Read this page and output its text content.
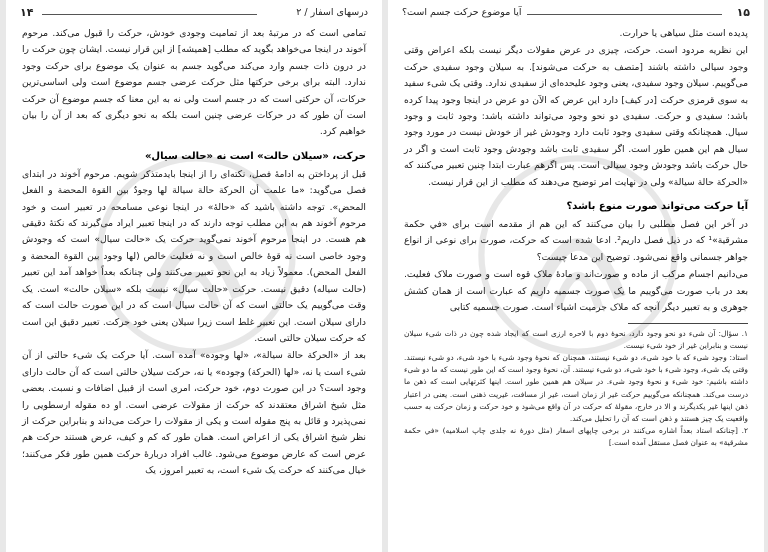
۱۴	درسهای اسفار / ۲

تمامی است که در مرتبهٔ بعد از تمامیت وجودی خودش، حرکت را قبول می‌کند. مرحوم آخوند در اینجا می‌خواهد بگوید که مطلب [همیشه] از این قرار نیست. ایشان چون حرکت را در درون ذات جسم وارد می‌کند می‌گوید جسم به عنوان یک موضوع برای حرکت وجود ندارد. البته برای برخی حرکتها مثل حرکت عرضی جسم موضوع است ولی اساسی‌ترین حرکات، آن حرکتی است که در جسم است ولی نه به این معنا که جسم موضوع آن حرکت است آن طور که در حرکات عرضی چنین است بلکه به نحو دیگری که بعد از آن را بیان خواهیم کرد.

حرکت، «سیلان حالت» است نه «حالت سیال»

قبل از پرداختن به ادامهٔ فصل، نکته‌ای را از اینجا بایدمتذکر شویم. مرحوم آخوند در ابتدای فصل می‌گوید: «ما علمت أن الحركة حالة سيالة لها وجودٌ بين القوة المحضة و الفعل المحض». توجه داشته باشید که «حالهٔ» در اینجا نوعی مسامحه در تعبیر است و خود مرحوم آخوند هم به این مطلب توجه دارند که در اینجا تعبیر ایراد می‌گیرند که نکتهٔ دقیقی هم هست. در اینجا مرحوم آخوند نمی‌گوید حرکت یک «حالت سیال» است که وجودش وجود خاصی است نه قوهٔ خالص است و نه فعلیت خالص (لها وجود بين القوة المحضة و الفعل المحض). معمولاً زیاد به این نحو تعبیر می‌کنند ولی چنانکه بعداً خواهد آمد این تعبیر (حالت سیاله) دقیق نیست. حرکت «حالت سیال» نیست بلکه «سیلان حالت» است. یک وقت می‌گوییم یک حالتی است که آن حالت سیال است که در این صورت حالت است که دارای سیلان است. این تعبیر غلط است زیرا سیلان یعنی خود حرکت. تعبیر دقیق این است که حرکت سیلان حالتی است.

بعد از «الحركة حالة سيالة»، «لها وجوده» آمده است. آیا حرکت یک شیء حالتی از آن شیء است یا نه، «لها (الحركة) وجوده» یا نه، حرکت سیلان حالتی است که آن حالت دارای وجود است؟ در این صورت دوم، خود حرکت، امری است از قبیل اضافات و نسبت. بعضی مثل شیخ اشراق معتقدند که حرکت از مقولات عرضی است. او ده مقوله ارسطویی را نمی‌پذیرد و قائل به پنج مقوله است و یکی از مقولات را حرکت می‌داند و بنابراین حرکت از نظر شیخ اشراق یکی از اعراض است. همان طور که کم و کیف، عرض هستند حرکت هم عرض است که عارض موضوع می‌شود. غالب افراد دربارهٔ حرکت همین طور فکر می‌کنند؛ خیال می‌کنند که حرکت یک شیء است، به تعبیر امروز، یک

آیا موضوع حرکت جسم است؟	۱۵

پدیده است مثل سیاهی یا حرارت.

این نظریه مردود است. حرکت، چیزی در عرض مقولات دیگر نیست بلکه اعراض وقتی وجود سیالی داشته باشند [متصف به حرکت می‌شوند]. به سیلان وجود سفیدی حرکت می‌گوییم. سیلان وجود سفیدی، یعنی وجود علیحده‌ای از سفیدی ندارد. وقتی یک شیء سفید به سوی قرمزی حرکت [در کیف] دارد این عرض که الآن دو عرض در اینجا وجود پیدا کرده باشد: سفیدی و حرکت. سفیدی دو نحو وجود می‌تواند داشته باشد: وجود ثابت و وجود سیال. همچنانکه وقتی سفیدی وجود ثابت دارد وجودش غیر از خودش نیست در مورد وجود سیال هم این همین طور است. اگر سفیدی ثابت باشد وجودش وجود ثابت است و اگر در حال حرکت باشد وجودش وجود سیالی است. پس اگرهم عبارت ابتدا چنین تعبیر می‌کنند که «الحركة حالة سيالة» ولی در نهایت امر توضیح می‌دهند که مطلب از این قرار نیست.

آیا حرکت می‌تواند صورت منوع باشد؟

در آخر این فصل مطلبی را بیان می‌کنند که این هم از مقدمه است برای «في حكمة مشرقية»¹ که در ذیل فصل داریم². ادعا شده است که حرکت، صورت برای نوعی از انواع جواهر جسمانی واقع نمی‌شود. توضیح این مدعا چیست؟

می‌دانیم اجسام مرکب از ماده و صورت‌اند و مادهٔ ملاک قوه است و صورت ملاک فعلیت. بعد در باب صورت می‌گوییم ما یک صورت جسمیه داریم که عبارت است از همان کشش جوهری و به تعبیر دیگر آنچه که ملاک جرمیت اشیاء است. صورت جسمیه کتابی

۱. سؤال: آن شیء دو نحو وجود دارد، نحوهٔ دوم با لاحره ارزی است که ایجاد شده چون در ذات شیء سیلان نیست و بنابراین غیر از خود شیء نیست.

استاد: وجود شیء که با خود شیء، دو شیء نیستند، همچنان که نحوهٔ وجود شیء با خود شیء، دو شیء نیستند. وقتی یک شیء، وجود شیء با خود شیء، دو شیء نیستند. آن، نحوهٔ وجود است که این طور نیست که ما دو شیء داشته باشیم: خود شیء و نحوهٔ وجود شیء. در سیلان هم همین طور است. اینها کثرتهایی است که ذهن ما درست می‌کند. همچنانکه می‌گوییم حرکت غیر از زمان است، غیر از مسافت، غیریت ذهنی است. یعنی در اعتبار ذهن اینها غیر یکدیگرند و الا در خارج، مقولهٔ که حرکت در آن واقع می‌شود و خود حرکت و زمان حرکت به حسب واقعیت یک چیز هستند و ذهن است که آن را تحلیل می‌کند.

۲. [چنانکه استاد بعداً اشاره می‌کنند در برخی چاپهای اسفار (مثل دورهٔ نه جلدی چاپ اسلامیه) «في حكمة مشرقية» به عنوان فصل مستقل آمده است.]
